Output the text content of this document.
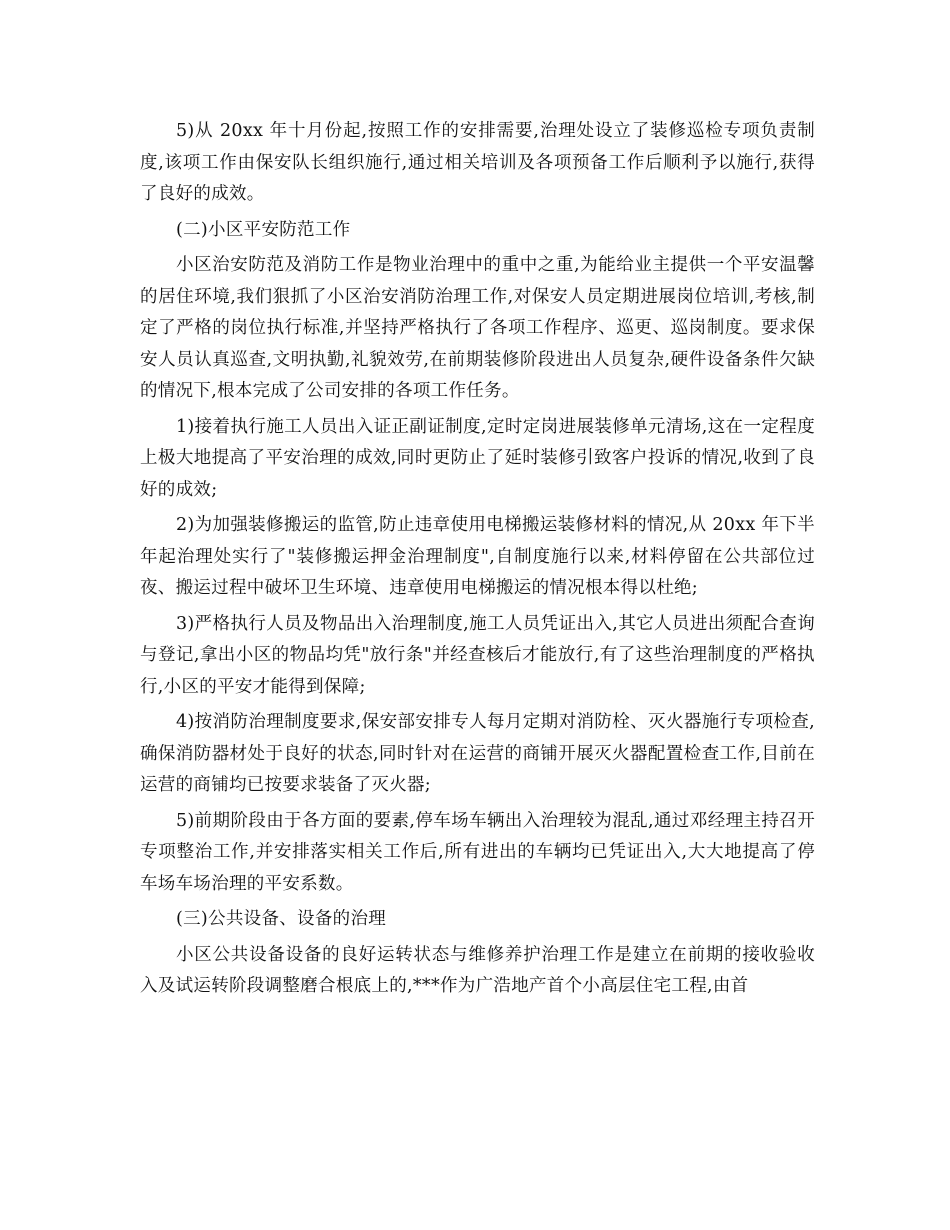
5)从 20xx 年十月份起,按照工作的安排需要,治理处设立了装修巡检专项负责制度,该项工作由保安队长组织施行,通过相关培训及各项预备工作后顺利予以施行,获得了良好的成效。

(二)小区平安防范工作

小区治安防范及消防工作是物业治理中的重中之重,为能给业主提供一个平安温馨的居住环境,我们狠抓了小区治安消防治理工作,对保安人员定期进展岗位培训,考核,制定了严格的岗位执行标准,并坚持严格执行了各项工作程序、巡更、巡岗制度。要求保安人员认真巡查,文明执勤,礼貌效劳,在前期装修阶段进出人员复杂,硬件设备条件欠缺的情况下,根本完成了公司安排的各项工作任务。

1)接着执行施工人员出入证正副证制度,定时定岗进展装修单元清场,这在一定程度上极大地提高了平安治理的成效,同时更防止了延时装修引致客户投诉的情况,收到了良好的成效;

2)为加强装修搬运的监管,防止违章使用电梯搬运装修材料的情况,从 20xx 年下半年起治理处实行了"装修搬运押金治理制度",自制度施行以来,材料停留在公共部位过夜、搬运过程中破坏卫生环境、违章使用电梯搬运的情况根本得以杜绝;

3)严格执行人员及物品出入治理制度,施工人员凭证出入,其它人员进出须配合查询与登记,拿出小区的物品均凭"放行条"并经查核后才能放行,有了这些治理制度的严格执行,小区的平安才能得到保障;

4)按消防治理制度要求,保安部安排专人每月定期对消防栓、灭火器施行专项检查,确保消防器材处于良好的状态,同时针对在运营的商铺开展灭火器配置检查工作,目前在运营的商铺均已按要求装备了灭火器;

5)前期阶段由于各方面的要素,停车场车辆出入治理较为混乱,通过邓经理主持召开专项整治工作,并安排落实相关工作后,所有进出的车辆均已凭证出入,大大地提高了停车场车场治理的平安系数。

(三)公共设备、设备的治理

小区公共设备设备的良好运转状态与维修养护治理工作是建立在前期的接收验收入及试运转阶段调整磨合根底上的,***作为广浩地产首个小高层住宅工程,由首
